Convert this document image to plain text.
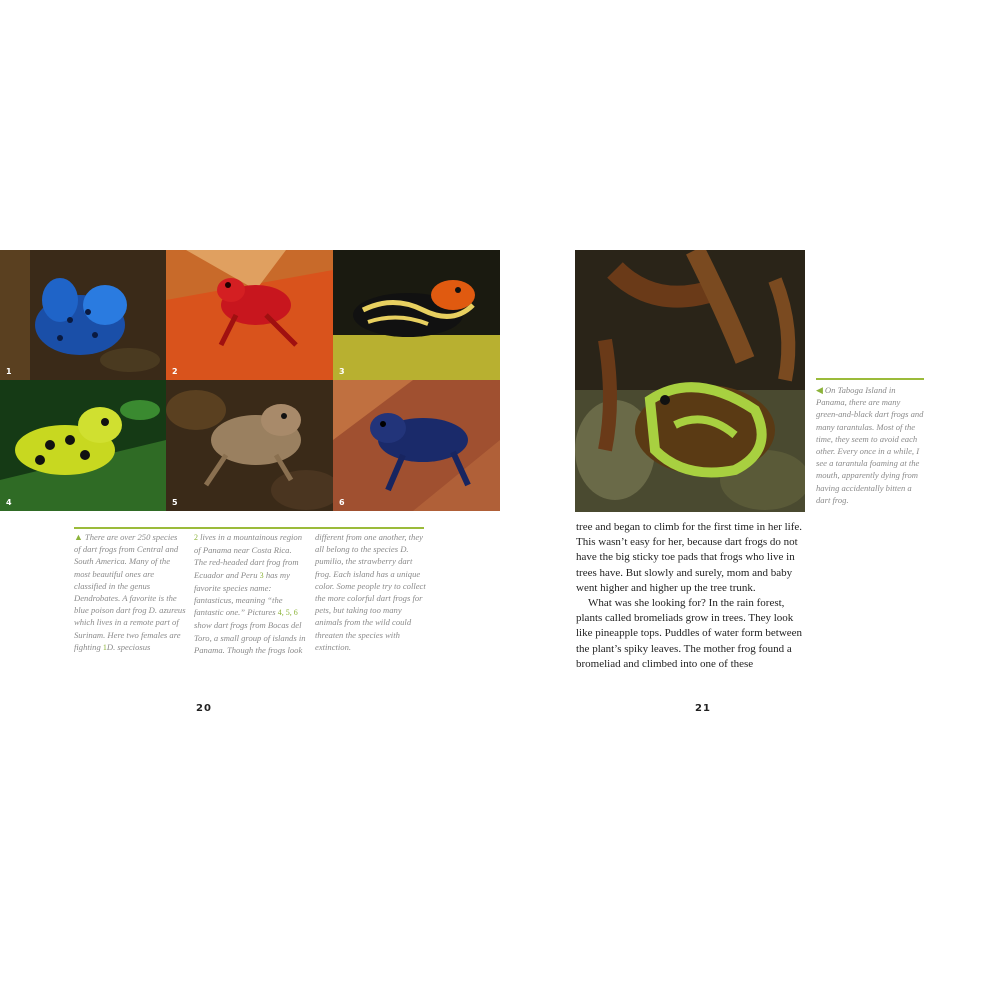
1	2	3
4	5	6
▲ There are over 250 species of dart frogs from Central and South America. Many of the most beautiful ones are classified in the genus Dendrobates. A favorite is the blue poison dart frog D. azureus which lives in a remote part of Surinam. Here two females are fighting 1D. speciosus
2 lives in a mountainous region of Panama near Costa Rica. The red-headed dart frog from Ecuador and Peru 3 has my favorite species name: fantasticus, meaning “the fantastic one.” Pictures 4, 5, 6 show dart frogs from Bocas del Toro, a small group of islands in Panama. Though the frogs look
different from one another, they all belong to the species D. pumilio, the strawberry dart frog. Each island has a unique color. Some people try to collect the more colorful dart frogs for pets, but taking too many animals from the wild could threaten the species with extinction.
20
◀ On Taboga Island in Panama, there are many green-and-black dart frogs and many tarantulas. Most of the time, they seem to avoid each other. Every once in a while, I see a tarantula foaming at the mouth, apparently dying from having accidentally bitten a dart frog.

tree and began to climb for the first time in her life. This wasn’t easy for her, because dart frogs do not have the big sticky toe pads that frogs who live in trees have. But slowly and surely, mom and baby went higher and higher up the tree trunk.

What was she looking for? In the rain forest, plants called bromeliads grow in trees. They look like pineapple tops. Puddles of water form between the plant’s spiky leaves. The mother frog found a bromeliad and climbed into one of these

21
